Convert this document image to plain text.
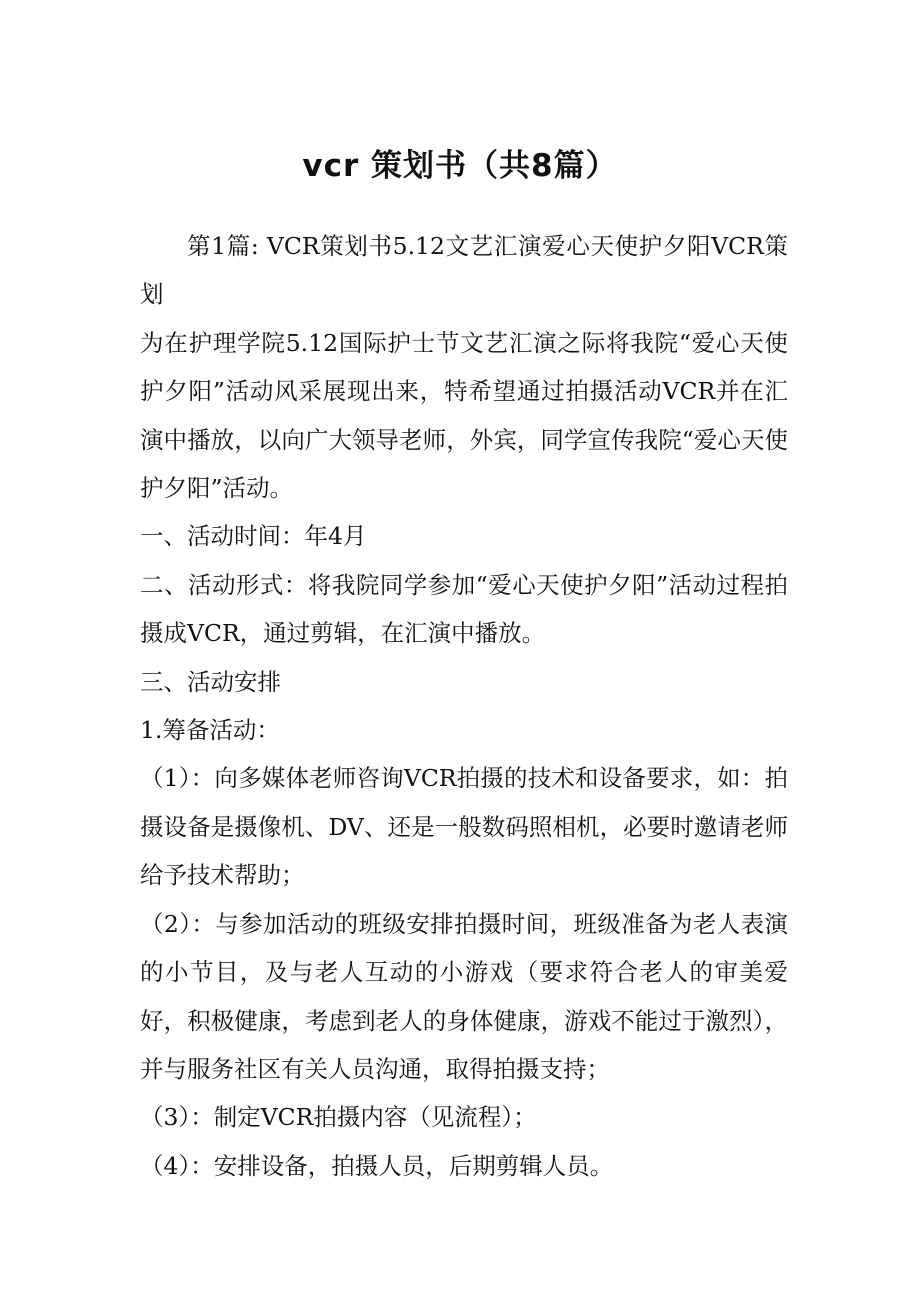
vcr 策划书（共8篇）

第1篇: VCR策划书5.12文艺汇演爱心天使护夕阳VCR策划

为在护理学院5.12国际护士节文艺汇演之际将我院“爱心天使护夕阳”活动风采展现出来，特希望通过拍摄活动VCR并在汇演中播放，以向广大领导老师，外宾，同学宣传我院“爱心天使护夕阳”活动。

一、活动时间：年4月

二、活动形式：将我院同学参加“爱心天使护夕阳”活动过程拍摄成VCR，通过剪辑，在汇演中播放。

三、活动安排

1.筹备活动：

（1）：向多媒体老师咨询VCR拍摄的技术和设备要求，如：拍摄设备是摄像机、DV、还是一般数码照相机，必要时邀请老师给予技术帮助；

（2）：与参加活动的班级安排拍摄时间，班级准备为老人表演的小节目，及与老人互动的小游戏（要求符合老人的审美爱好，积极健康，考虑到老人的身体健康，游戏不能过于激烈），并与服务社区有关人员沟通，取得拍摄支持；

（3）：制定VCR拍摄内容（见流程）；

（4）：安排设备，拍摄人员，后期剪辑人员。
